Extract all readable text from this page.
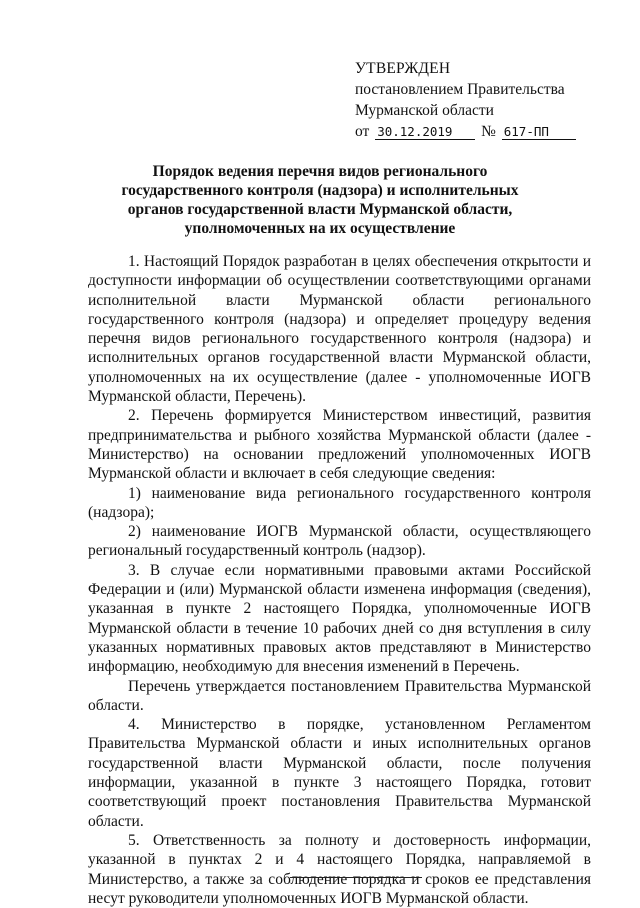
УТВЕРЖДЕН
постановлением Правительства
Мурманской области
от 30.12.2019 № 617-ПП
Порядок ведения перечня видов регионального государственного контроля (надзора) и исполнительных органов государственной власти Мурманской области, уполномоченных на их осуществление

1. Настоящий Порядок разработан в целях обеспечения открытости и доступности информации об осуществлении соответствующими органами исполнительной власти Мурманской области регионального государственного контроля (надзора) и определяет процедуру ведения перечня видов регионального государственного контроля (надзора) и исполнительных органов государственной власти Мурманской области, уполномоченных на их осуществление (далее - уполномоченные ИОГВ Мурманской области, Перечень).

2. Перечень формируется Министерством инвестиций, развития предпринимательства и рыбного хозяйства Мурманской области (далее - Министерство) на основании предложений уполномоченных ИОГВ Мурманской области и включает в себя следующие сведения:

1) наименование вида регионального государственного контроля (надзора);

2) наименование ИОГВ Мурманской области, осуществляющего региональный государственный контроль (надзор).

3. В случае если нормативными правовыми актами Российской Федерации и (или) Мурманской области изменена информация (сведения), указанная в пункте 2 настоящего Порядка, уполномоченные ИОГВ Мурманской области в течение 10 рабочих дней со дня вступления в силу указанных нормативных правовых актов представляют в Министерство информацию, необходимую для внесения изменений в Перечень.

Перечень утверждается постановлением Правительства Мурманской области.

4. Министерство в порядке, установленном Регламентом Правительства Мурманской области и иных исполнительных органов государственной власти Мурманской области, после получения информации, указанной в пункте 3 настоящего Порядка, готовит соответствующий проект постановления Правительства Мурманской области.

5. Ответственность за полноту и достоверность информации, указанной в пунктах 2 и 4 настоящего Порядка, направляемой в Министерство, а также за соблюдение порядка и сроков ее представления несут руководители уполномоченных ИОГВ Мурманской области.
